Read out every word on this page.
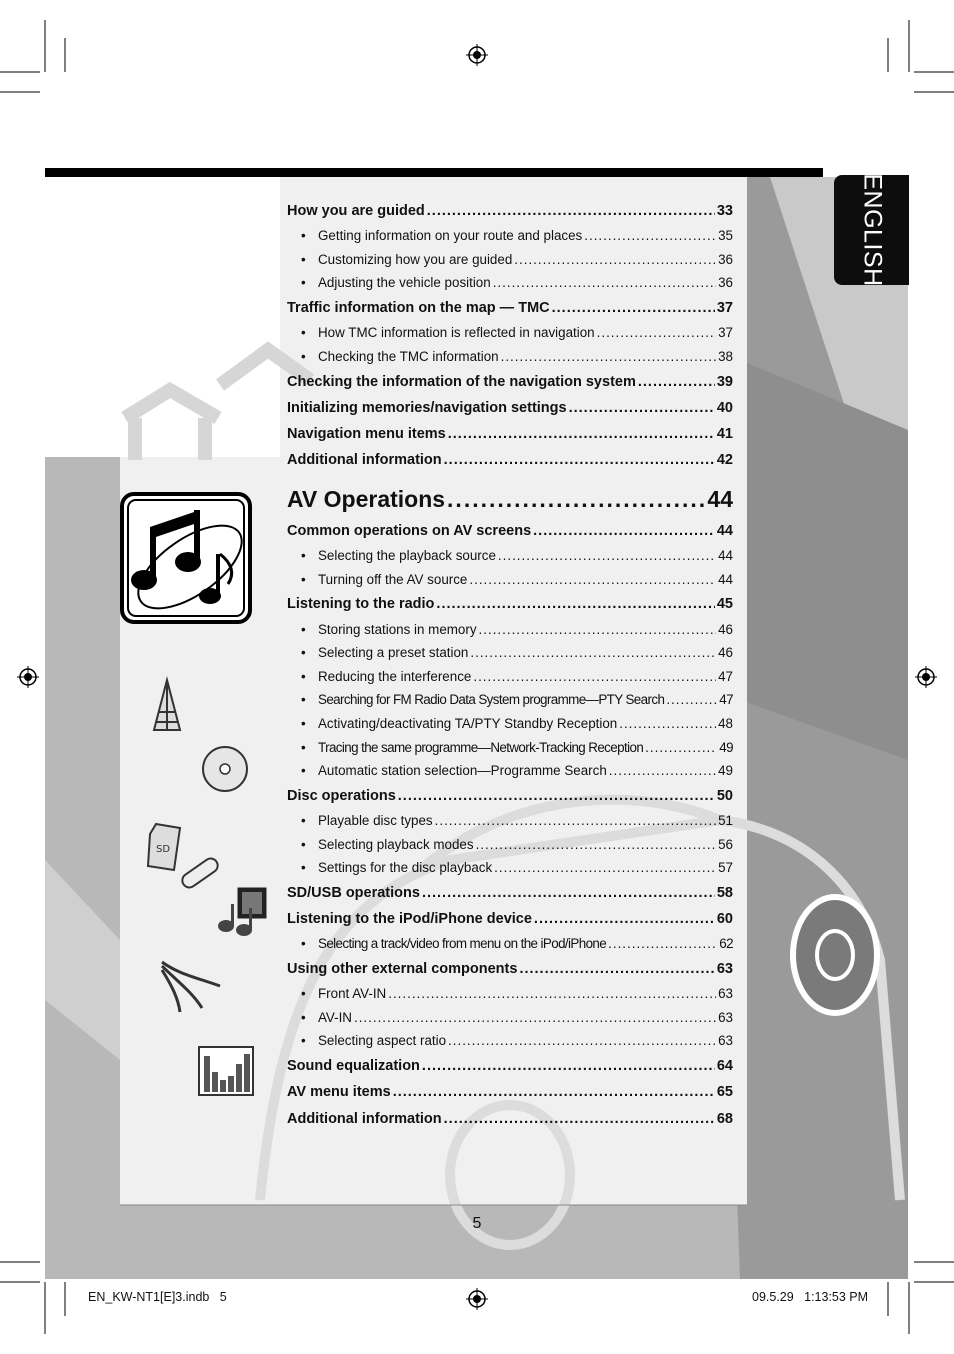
ENGLISH
SD
How you are guided .....	33
• Getting information on your route and places .....	35
• Customizing how you are guided .....	36
• Adjusting the vehicle position .....	36
Traffic information on the map — TMC .....	37
• How TMC information is reflected in navigation .....	37
• Checking the TMC information .....	38
Checking the information of the navigation system .....	39
Initializing memories/navigation settings .....	40
Navigation menu items .....	41
Additional information .....	42
AV Operations .....	44
Common operations on AV screens .....	44
• Selecting the playback source .....	44
• Turning off the AV source .....	44
Listening to the radio .....	45
• Storing stations in memory .....	46
• Selecting a preset station .....	46
• Reducing the interference .....	47
• Searching for FM Radio Data System programme—PTY Search .....	47
• Activating/deactivating TA/PTY Standby Reception .....	48
• Tracing the same programme—Network-Tracking Reception .....	49
• Automatic station selection—Programme Search .....	49
Disc operations .....	50
• Playable disc types .....	51
• Selecting playback modes .....	56
• Settings for the disc playback .....	57
SD/USB operations .....	58
Listening to the iPod/iPhone device .....	60
• Selecting a track/video from menu on the iPod/iPhone .....	62
Using other external components .....	63
• Front AV-IN .....	63
• AV-IN .....	63
• Selecting aspect ratio .....	63
Sound equalization .....	64
AV menu items .....	65
Additional information .....	68
5
EN_KW-NT1[E]3.indb   5	09.5.29   1:13:53 PM
